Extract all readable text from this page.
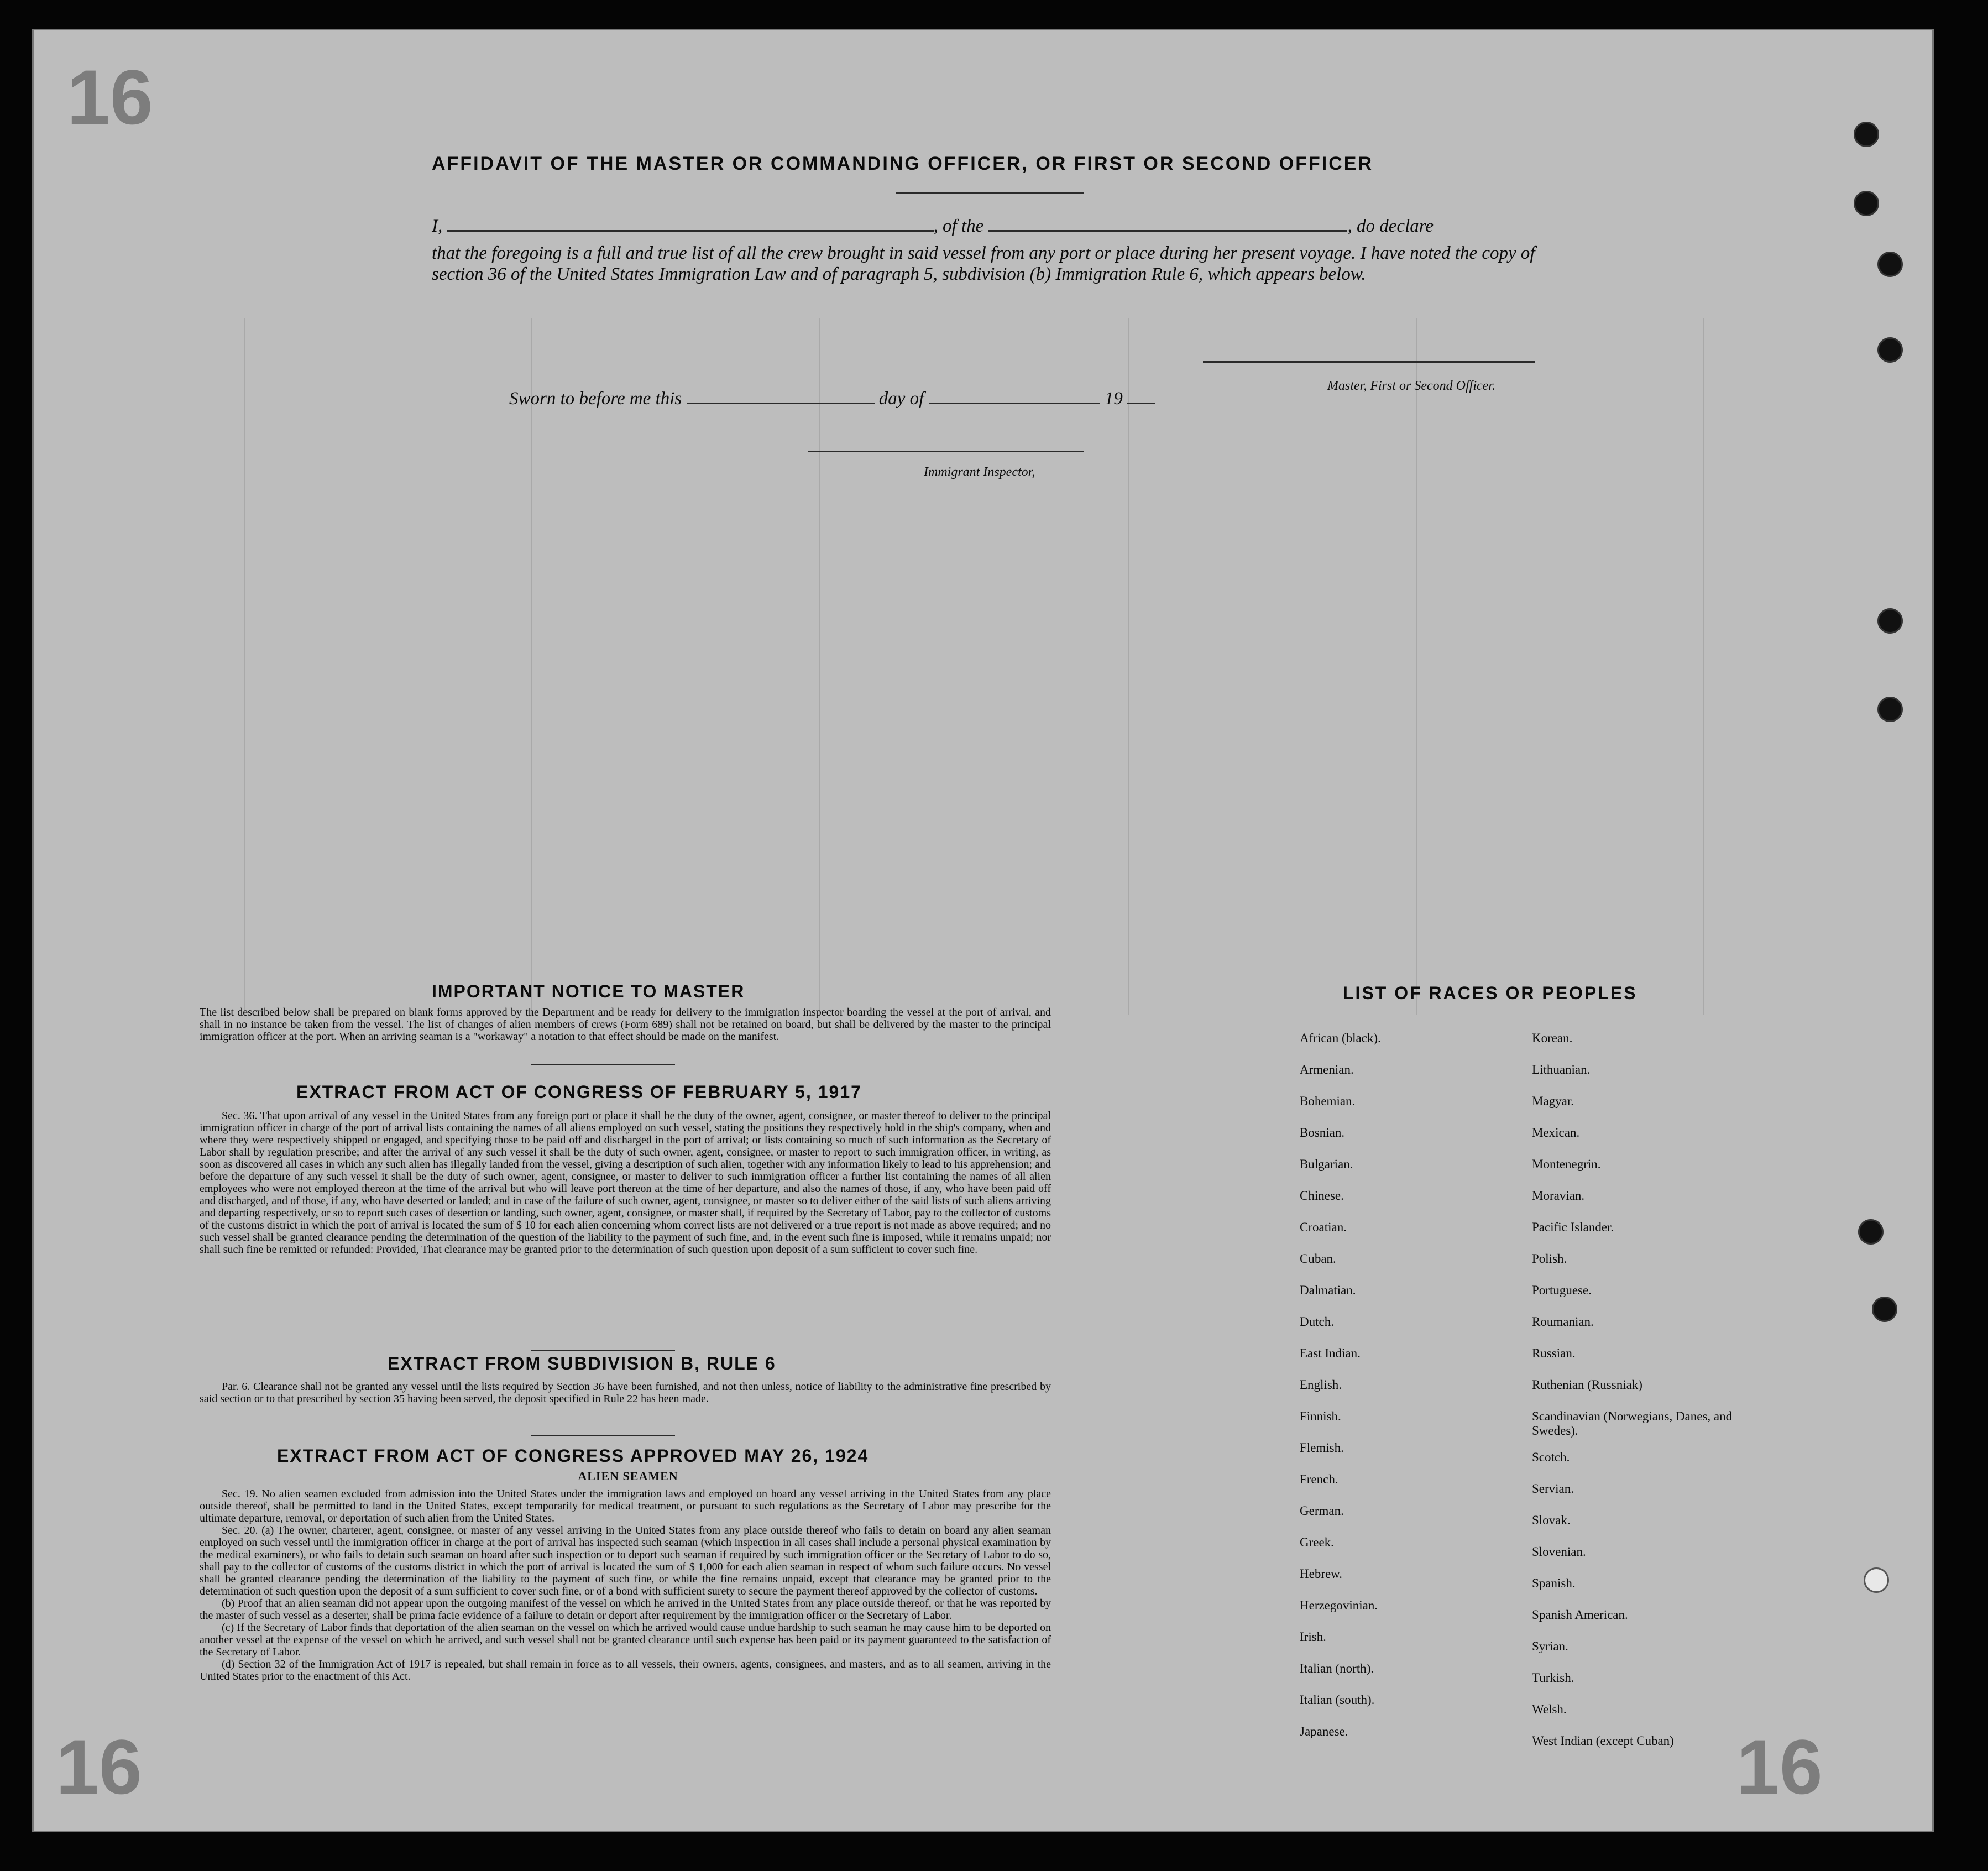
16
16	16
AFFIDAVIT OF THE MASTER OR COMMANDING OFFICER, OR FIRST OR SECOND OFFICER
I,	, of the	, do declare
that the foregoing is a full and true list of all the crew brought in said vessel from any port or place during her present voyage. I have noted the copy of section 36 of the United States Immigration Law and of paragraph 5, subdivision (b) Immigration Rule 6, which appears below.
Master, First or Second Officer.
Sworn to before me this	day of	19
Immigrant Inspector,
IMPORTANT NOTICE TO MASTER
The list described below shall be prepared on blank forms approved by the Department and be ready for delivery to the immigration inspector boarding the vessel at the port of arrival, and shall in no instance be taken from the vessel. The list of changes of alien members of crews (Form 689) shall not be retained on board, but shall be delivered by the master to the principal immigration officer at the port. When an arriving seaman is a "workaway" a notation to that effect should be made on the manifest.
EXTRACT FROM ACT OF CONGRESS OF FEBRUARY 5, 1917

Sec. 36. That upon arrival of any vessel in the United States from any foreign port or place it shall be the duty of the owner, agent, consignee, or master thereof to deliver to the principal immigration officer in charge of the port of arrival lists containing the names of all aliens employed on such vessel, stating the positions they respectively hold in the ship's company, when and where they were respectively shipped or engaged, and specifying those to be paid off and discharged in the port of arrival; or lists containing so much of such information as the Secretary of Labor shall by regulation prescribe; and after the arrival of any such vessel it shall be the duty of such owner, agent, consignee, or master to report to such immigration officer, in writing, as soon as discovered all cases in which any such alien has illegally landed from the vessel, giving a description of such alien, together with any information likely to lead to his apprehension; and before the departure of any such vessel it shall be the duty of such owner, agent, consignee, or master to deliver to such immigration officer a further list containing the names of all alien employees who were not employed thereon at the time of the arrival but who will leave port thereon at the time of her departure, and also the names of those, if any, who have been paid off and discharged, and of those, if any, who have deserted or landed; and in case of the failure of such owner, agent, consignee, or master so to deliver either of the said lists of such aliens arriving and departing respectively, or so to report such cases of desertion or landing, such owner, agent, consignee, or master shall, if required by the Secretary of Labor, pay to the collector of customs of the customs district in which the port of arrival is located the sum of $ 10 for each alien concerning whom correct lists are not delivered or a true report is not made as above required; and no such vessel shall be granted clearance pending the determination of the question of the liability to the payment of such fine, and, in the event such fine is imposed, while it remains unpaid; nor shall such fine be remitted or refunded: Provided, That clearance may be granted prior to the determination of such question upon deposit of a sum sufficient to cover such fine.

EXTRACT FROM SUBDIVISION B, RULE 6

Par. 6. Clearance shall not be granted any vessel until the lists required by Section 36 have been furnished, and not then unless, notice of liability to the administrative fine prescribed by said section or to that prescribed by section 35 having been served, the deposit specified in Rule 22 has been made.

EXTRACT FROM ACT OF CONGRESS APPROVED MAY 26, 1924
ALIEN SEAMEN

Sec. 19. No alien seamen excluded from admission into the United States under the immigration laws and employed on board any vessel arriving in the United States from any place outside thereof, shall be permitted to land in the United States, except temporarily for medical treatment, or pursuant to such regulations as the Secretary of Labor may prescribe for the ultimate departure, removal, or deportation of such alien from the United States.

Sec. 20. (a) The owner, charterer, agent, consignee, or master of any vessel arriving in the United States from any place outside thereof who fails to detain on board any alien seaman employed on such vessel until the immigration officer in charge at the port of arrival has inspected such seaman (which inspection in all cases shall include a personal physical examination by the medical examiners), or who fails to detain such seaman on board after such inspection or to deport such seaman if required by such immigration officer or the Secretary of Labor to do so, shall pay to the collector of customs of the customs district in which the port of arrival is located the sum of $ 1,000 for each alien seaman in respect of whom such failure occurs. No vessel shall be granted clearance pending the determination of the liability to the payment of such fine, or while the fine remains unpaid, except that clearance may be granted prior to the determination of such question upon the deposit of a sum sufficient to cover such fine, or of a bond with sufficient surety to secure the payment thereof approved by the collector of customs.

(b) Proof that an alien seaman did not appear upon the outgoing manifest of the vessel on which he arrived in the United States from any place outside thereof, or that he was reported by the master of such vessel as a deserter, shall be prima facie evidence of a failure to detain or deport after requirement by the immigration officer or the Secretary of Labor.

(c) If the Secretary of Labor finds that deportation of the alien seaman on the vessel on which he arrived would cause undue hardship to such seaman he may cause him to be deported on another vessel at the expense of the vessel on which he arrived, and such vessel shall not be granted clearance until such expense has been paid or its payment guaranteed to the satisfaction of the Secretary of Labor.

(d) Section 32 of the Immigration Act of 1917 is repealed, but shall remain in force as to all vessels, their owners, agents, consignees, and masters, and as to all seamen, arriving in the United States prior to the enactment of this Act.

LIST OF RACES OR PEOPLES
African (black).
Armenian.
Bohemian.
Bosnian.
Bulgarian.
Chinese.
Croatian.
Cuban.
Dalmatian.
Dutch.
East Indian.
English.
Finnish.
Flemish.
French.
German.
Greek.
Hebrew.
Herzegovinian.
Irish.
Italian (north).
Italian (south).
Japanese.
Korean.
Lithuanian.
Magyar.
Mexican.
Montenegrin.
Moravian.
Pacific Islander.
Polish.
Portuguese.
Roumanian.
Russian.
Ruthenian (Russniak)
Scandinavian (Norwegians, Danes, and Swedes).
Scotch.
Servian.
Slovak.
Slovenian.
Spanish.
Spanish American.
Syrian.
Turkish.
Welsh.
West Indian (except Cuban)
